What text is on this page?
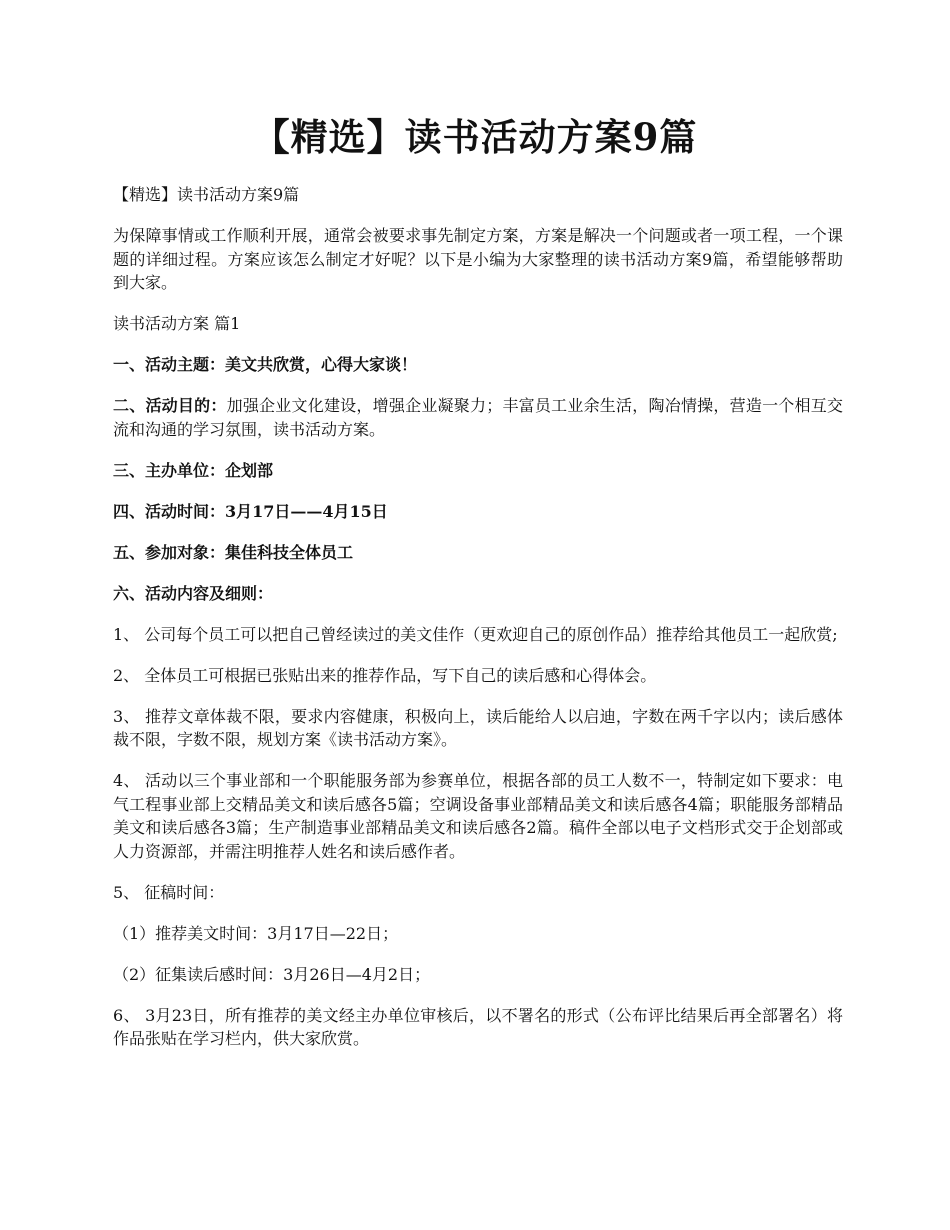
【精选】读书活动方案9篇

【精选】读书活动方案9篇

为保障事情或工作顺利开展，通常会被要求事先制定方案，方案是解决一个问题或者一项工程，一个课题的详细过程。方案应该怎么制定才好呢？以下是小编为大家整理的读书活动方案9篇，希望能够帮助到大家。

读书活动方案 篇1

一、活动主题：美文共欣赏，心得大家谈！

二、活动目的：加强企业文化建设，增强企业凝聚力；丰富员工业余生活，陶冶情操，营造一个相互交流和沟通的学习氛围，读书活动方案。

三、主办单位：企划部

四、活动时间：3月17日——4月15日

五、参加对象：集佳科技全体员工

六、活动内容及细则：

1、 公司每个员工可以把自己曾经读过的美文佳作（更欢迎自己的原创作品）推荐给其他员工一起欣赏;

2、 全体员工可根据已张贴出来的推荐作品，写下自己的读后感和心得体会。

3、 推荐文章体裁不限，要求内容健康，积极向上，读后能给人以启迪，字数在两千字以内；读后感体裁不限，字数不限，规划方案《读书活动方案》。

4、 活动以三个事业部和一个职能服务部为参赛单位，根据各部的员工人数不一，特制定如下要求：电气工程事业部上交精品美文和读后感各5篇；空调设备事业部精品美文和读后感各4篇；职能服务部精品美文和读后感各3篇；生产制造事业部精品美文和读后感各2篇。稿件全部以电子文档形式交于企划部或人力资源部，并需注明推荐人姓名和读后感作者。

5、 征稿时间：

（1）推荐美文时间：3月17日—22日；

（2）征集读后感时间：3月26日—4月2日；

6、 3月23日，所有推荐的美文经主办单位审核后，以不署名的形式（公布评比结果后再全部署名）将作品张贴在学习栏内，供大家欣赏。
